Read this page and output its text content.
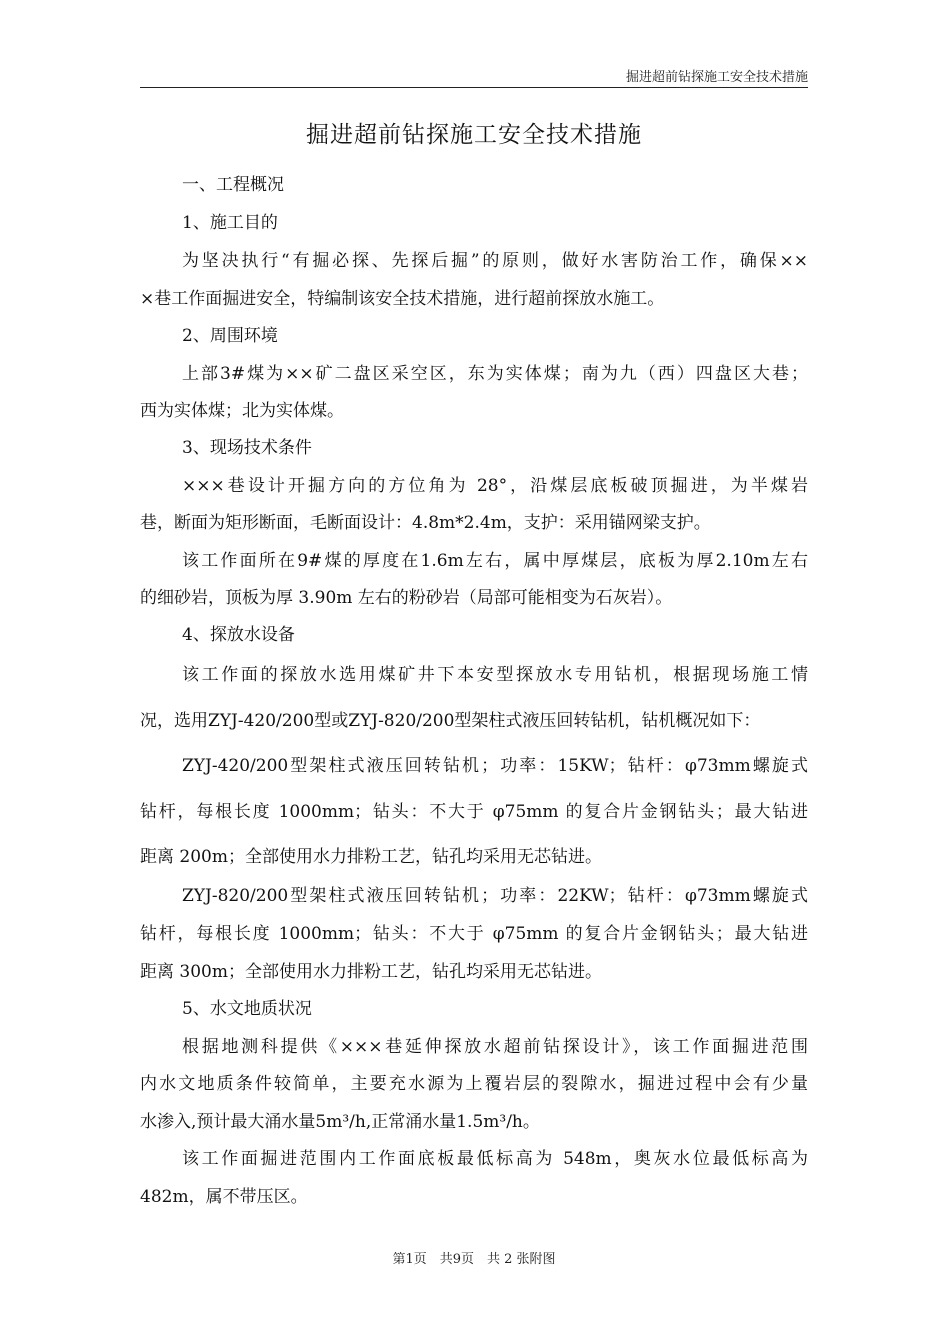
掘进超前钻探施工安全技术措施
掘进超前钻探施工安全技术措施
一、工程概况
1、施工目的
为坚决执行“有掘必探、先探后掘”的原则，做好水害防治工作，确保××
×巷工作面掘进安全，特编制该安全技术措施，进行超前探放水施工。
2、周围环境
上部3#煤为××矿二盘区采空区，东为实体煤；南为九（西）四盘区大巷；
西为实体煤；北为实体煤。
3、现场技术条件
×××巷设计开掘方向的方位角为 28°，沿煤层底板破顶掘进，为半煤岩
巷，断面为矩形断面，毛断面设计：4.8m*2.4m，支护：采用锚网梁支护。
该工作面所在9#煤的厚度在1.6m左右，属中厚煤层，底板为厚2.10m左右
的细砂岩，顶板为厚 3.90m 左右的粉砂岩（局部可能相变为石灰岩）。
4、探放水设备
该工作面的探放水选用煤矿井下本安型探放水专用钻机，根据现场施工情
况，选用ZYJ-420/200型或ZYJ-820/200型架柱式液压回转钻机，钻机概况如下：
ZYJ-420/200型架柱式液压回转钻机；功率：15KW；钻杆：φ73mm螺旋式
钻杆，每根长度 1000mm；钻头：不大于 φ75mm 的复合片金钢钻头；最大钻进
距离 200m；全部使用水力排粉工艺，钻孔均采用无芯钻进。
ZYJ-820/200型架柱式液压回转钻机；功率：22KW；钻杆：φ73mm螺旋式
钻杆，每根长度 1000mm；钻头：不大于 φ75mm 的复合片金钢钻头；最大钻进
距离 300m；全部使用水力排粉工艺，钻孔均采用无芯钻进。
5、水文地质状况
根据地测科提供《×××巷延伸探放水超前钻探设计》，该工作面掘进范围
内水文地质条件较简单，主要充水源为上覆岩层的裂隙水，掘进过程中会有少量
水渗入,预计最大涌水量5m³/h,正常涌水量1.5m³/h。
该工作面掘进范围内工作面底板最低标高为 548m，奥灰水位最低标高为
482m，属不带压区。
第1页　共9页　共 2 张附图
